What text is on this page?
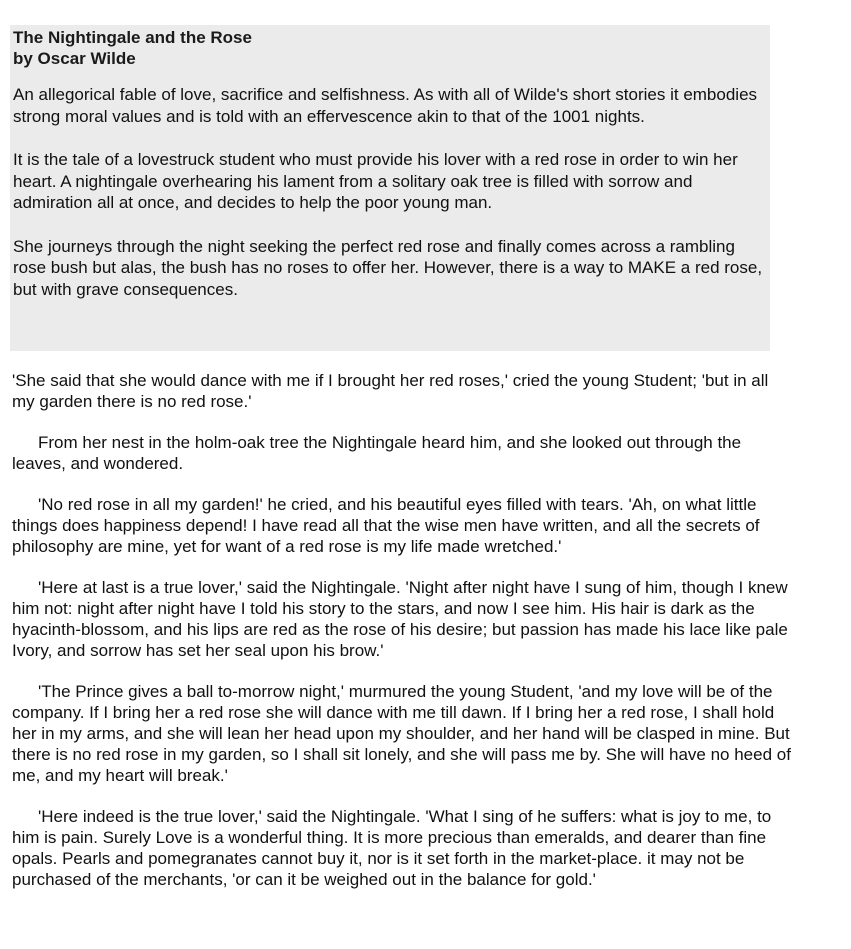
The Nightingale and the Rose
by Oscar Wilde

An allegorical fable of love, sacrifice and selfishness. As with all of Wilde's short stories it embodies strong moral values and is told with an effervescence akin to that of the 1001 nights.

It is the tale of a lovestruck student who must provide his lover with a red rose in order to win her heart. A nightingale overhearing his lament from a solitary oak tree is filled with sorrow and admiration all at once, and decides to help the poor young man.

She journeys through the night seeking the perfect red rose and finally comes across a rambling rose bush but alas, the bush has no roses to offer her. However, there is a way to MAKE a red rose, but with grave consequences.

'She said that she would dance with me if I brought her red roses,' cried the young Student; 'but in all my garden there is no red rose.'

From her nest in the holm-oak tree the Nightingale heard him, and she looked out through the leaves, and wondered.

'No red rose in all my garden!' he cried, and his beautiful eyes filled with tears. 'Ah, on what little things does happiness depend! I have read all that the wise men have written, and all the secrets of philosophy are mine, yet for want of a red rose is my life made wretched.'

'Here at last is a true lover,' said the Nightingale. 'Night after night have I sung of him, though I knew him not: night after night have I told his story to the stars, and now I see him. His hair is dark as the hyacinth-blossom, and his lips are red as the rose of his desire; but passion has made his lace like pale Ivory, and sorrow has set her seal upon his brow.'

'The Prince gives a ball to-morrow night,' murmured the young Student, 'and my love will be of the company. If I bring her a red rose she will dance with me till dawn. If I bring her a red rose, I shall hold her in my arms, and she will lean her head upon my shoulder, and her hand will be clasped in mine. But there is no red rose in my garden, so I shall sit lonely, and she will pass me by. She will have no heed of me, and my heart will break.'

'Here indeed is the true lover,' said the Nightingale. 'What I sing of he suffers: what is joy to me, to him is pain. Surely Love is a wonderful thing. It is more precious than emeralds, and dearer than fine opals. Pearls and pomegranates cannot buy it, nor is it set forth in the market-place. it may not be purchased of the merchants, 'or can it be weighed out in the balance for gold.'
